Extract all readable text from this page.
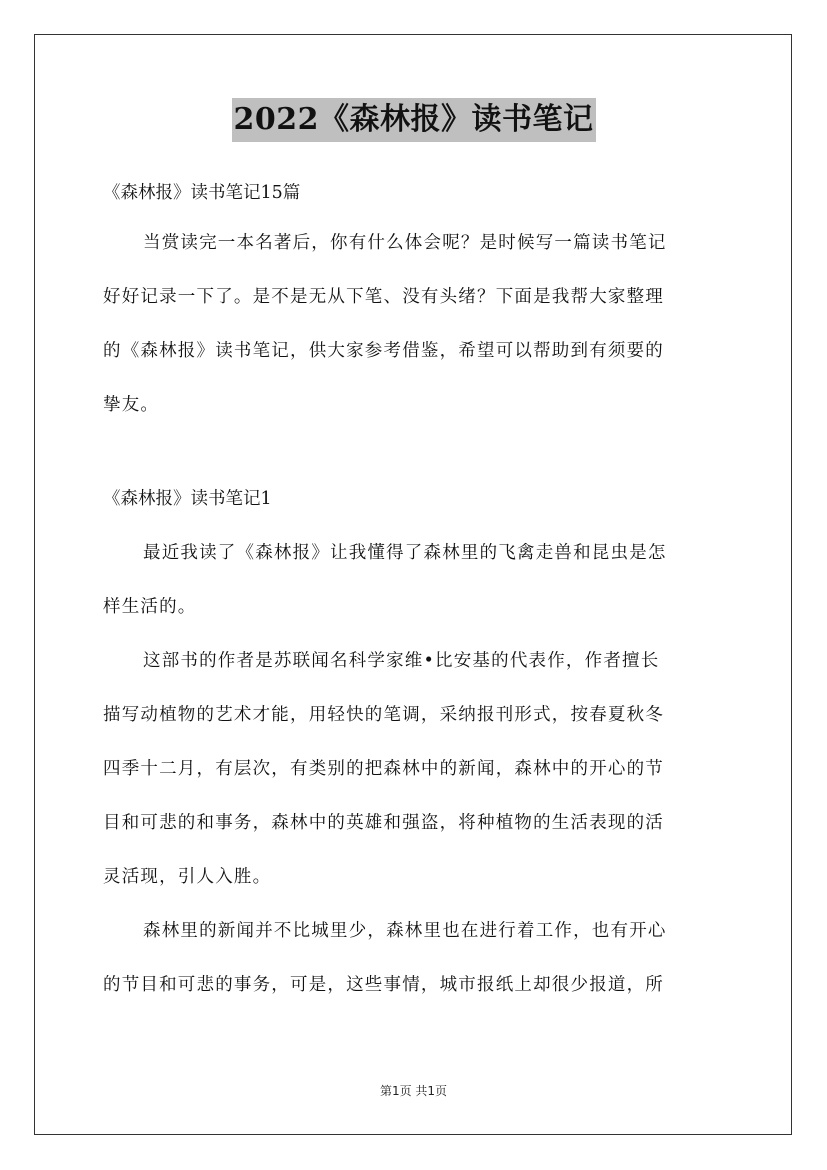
2022《森林报》读书笔记
《森林报》读书笔记15篇
当赏读完一本名著后，你有什么体会呢？是时候写一篇读书笔记
好好记录一下了。是不是无从下笔、没有头绪？下面是我帮大家整理
的《森林报》读书笔记，供大家参考借鉴，希望可以帮助到有须要的
挚友。
《森林报》读书笔记1
最近我读了《森林报》让我懂得了森林里的飞禽走兽和昆虫是怎
样生活的。
这部书的作者是苏联闻名科学家维•比安基的代表作，作者擅长
描写动植物的艺术才能，用轻快的笔调，采纳报刊形式，按春夏秋冬
四季十二月，有层次，有类别的把森林中的新闻，森林中的开心的节
目和可悲的和事务，森林中的英雄和强盗，将种植物的生活表现的活
灵活现，引人入胜。
森林里的新闻并不比城里少，森林里也在进行着工作，也有开心
的节目和可悲的事务，可是，这些事情，城市报纸上却很少报道，所
第1页 共1页
